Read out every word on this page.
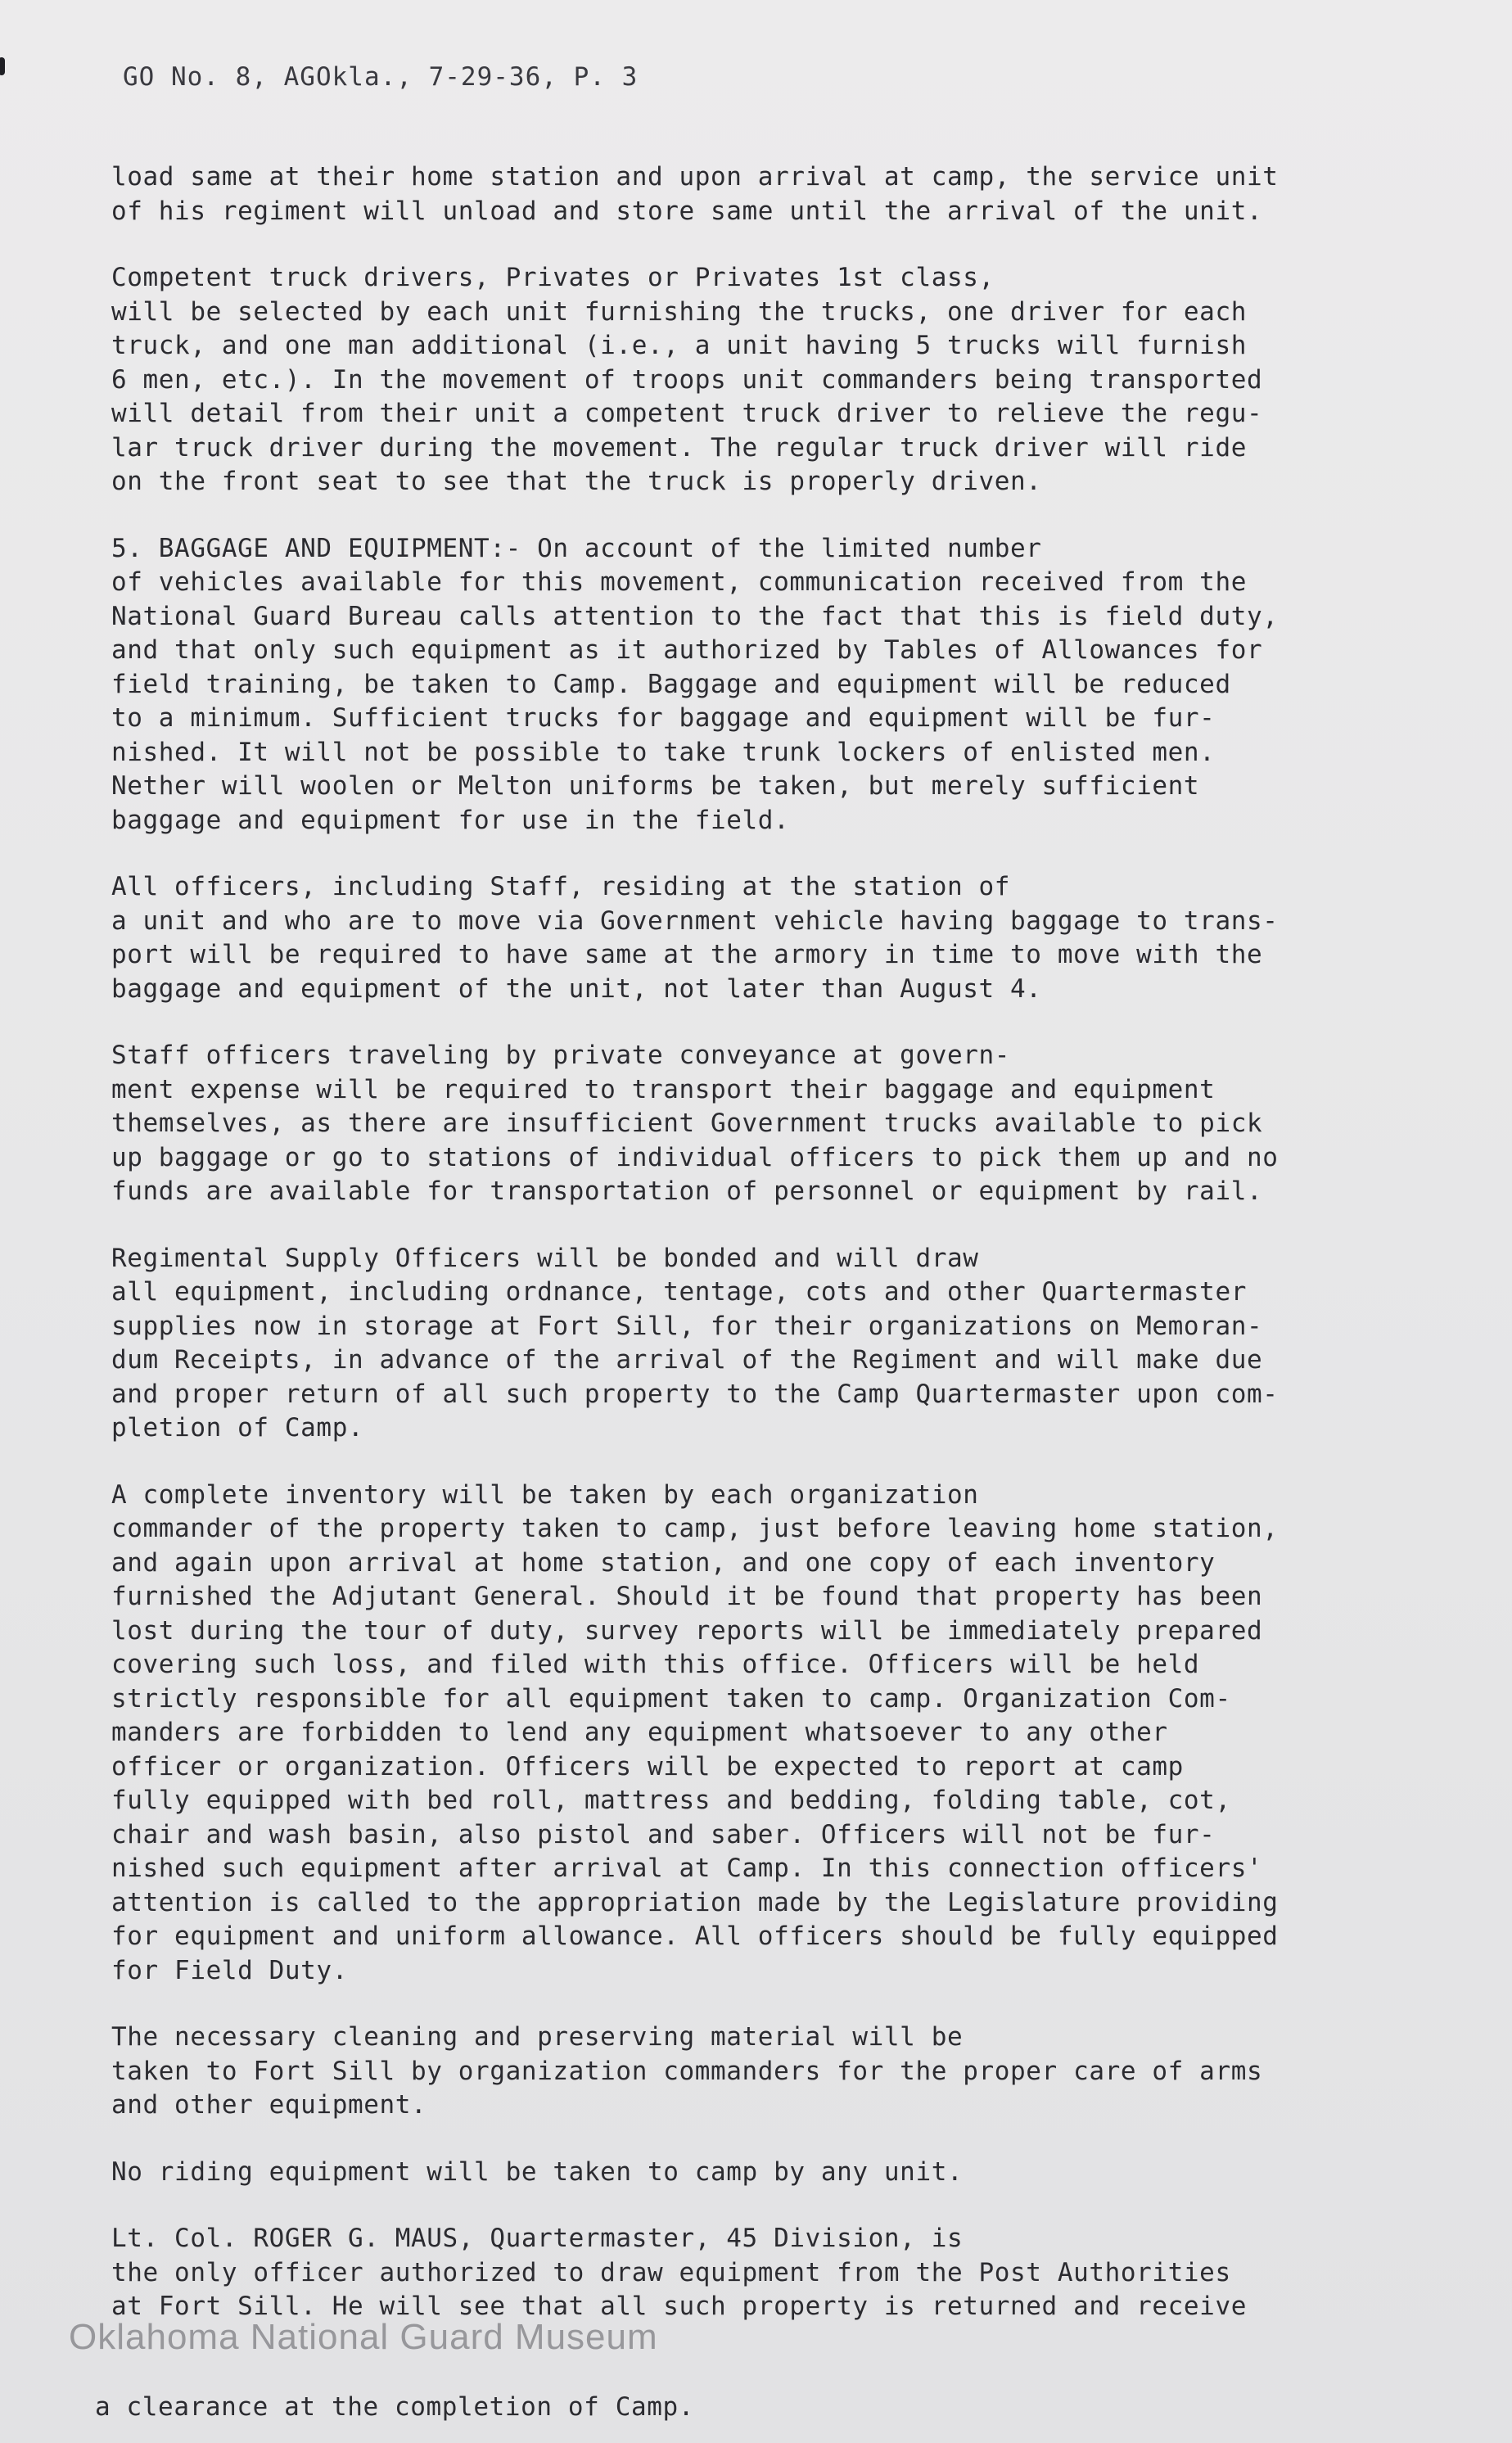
GO No. 8, AGOkla., 7-29-36, P. 3

load same at their home station and upon arrival at camp, the service unit
of his regiment will unload and store same until the arrival of the unit.

Competent truck drivers, Privates or Privates 1st class,
will be selected by each unit furnishing the trucks, one driver for each
truck, and one man additional (i.e., a unit having 5 trucks will furnish
6 men, etc.). In the movement of troops unit commanders being transported
will detail from their unit a competent truck driver to relieve the regu-
lar truck driver during the movement. The regular truck driver will ride
on the front seat to see that the truck is properly driven.

5. BAGGAGE AND EQUIPMENT:- On account of the limited number
of vehicles available for this movement, communication received from the
National Guard Bureau calls attention to the fact that this is field duty,
and that only such equipment as it authorized by Tables of Allowances for
field training, be taken to Camp. Baggage and equipment will be reduced
to a minimum. Sufficient trucks for baggage and equipment will be fur-
nished. It will not be possible to take trunk lockers of enlisted men.
Nether will woolen or Melton uniforms be taken, but merely sufficient
baggage and equipment for use in the field.

All officers, including Staff, residing at the station of
a unit and who are to move via Government vehicle having baggage to trans-
port will be required to have same at the armory in time to move with the
baggage and equipment of the unit, not later than August 4.

Staff officers traveling by private conveyance at govern-
ment expense will be required to transport their baggage and equipment
themselves, as there are insufficient Government trucks available to pick
up baggage or go to stations of individual officers to pick them up and no
funds are available for transportation of personnel or equipment by rail.

Regimental Supply Officers will be bonded and will draw
all equipment, including ordnance, tentage, cots and other Quartermaster
supplies now in storage at Fort Sill, for their organizations on Memoran-
dum Receipts, in advance of the arrival of the Regiment and will make due
and proper return of all such property to the Camp Quartermaster upon com-
pletion of Camp.

A complete inventory will be taken by each organization
commander of the property taken to camp, just before leaving home station,
and again upon arrival at home station, and one copy of each inventory
furnished the Adjutant General. Should it be found that property has been
lost during the tour of duty, survey reports will be immediately prepared
covering such loss, and filed with this office. Officers will be held
strictly responsible for all equipment taken to camp. Organization Com-
manders are forbidden to lend any equipment whatsoever to any other
officer or organization. Officers will be expected to report at camp
fully equipped with bed roll, mattress and bedding, folding table, cot,
chair and wash basin, also pistol and saber. Officers will not be fur-
nished such equipment after arrival at Camp. In this connection officers'
attention is called to the appropriation made by the Legislature providing
for equipment and uniform allowance. All officers should be fully equipped
for Field Duty.

The necessary cleaning and preserving material will be
taken to Fort Sill by organization commanders for the proper care of arms
and other equipment.

No riding equipment will be taken to camp by any unit.

Lt. Col. ROGER G. MAUS, Quartermaster, 45 Division, is
the only officer authorized to draw equipment from the Post Authorities
at Fort Sill. He will see that all such property is returned and receive

a clearance at the completion of Camp.
Oklahoma National Guard Museum
